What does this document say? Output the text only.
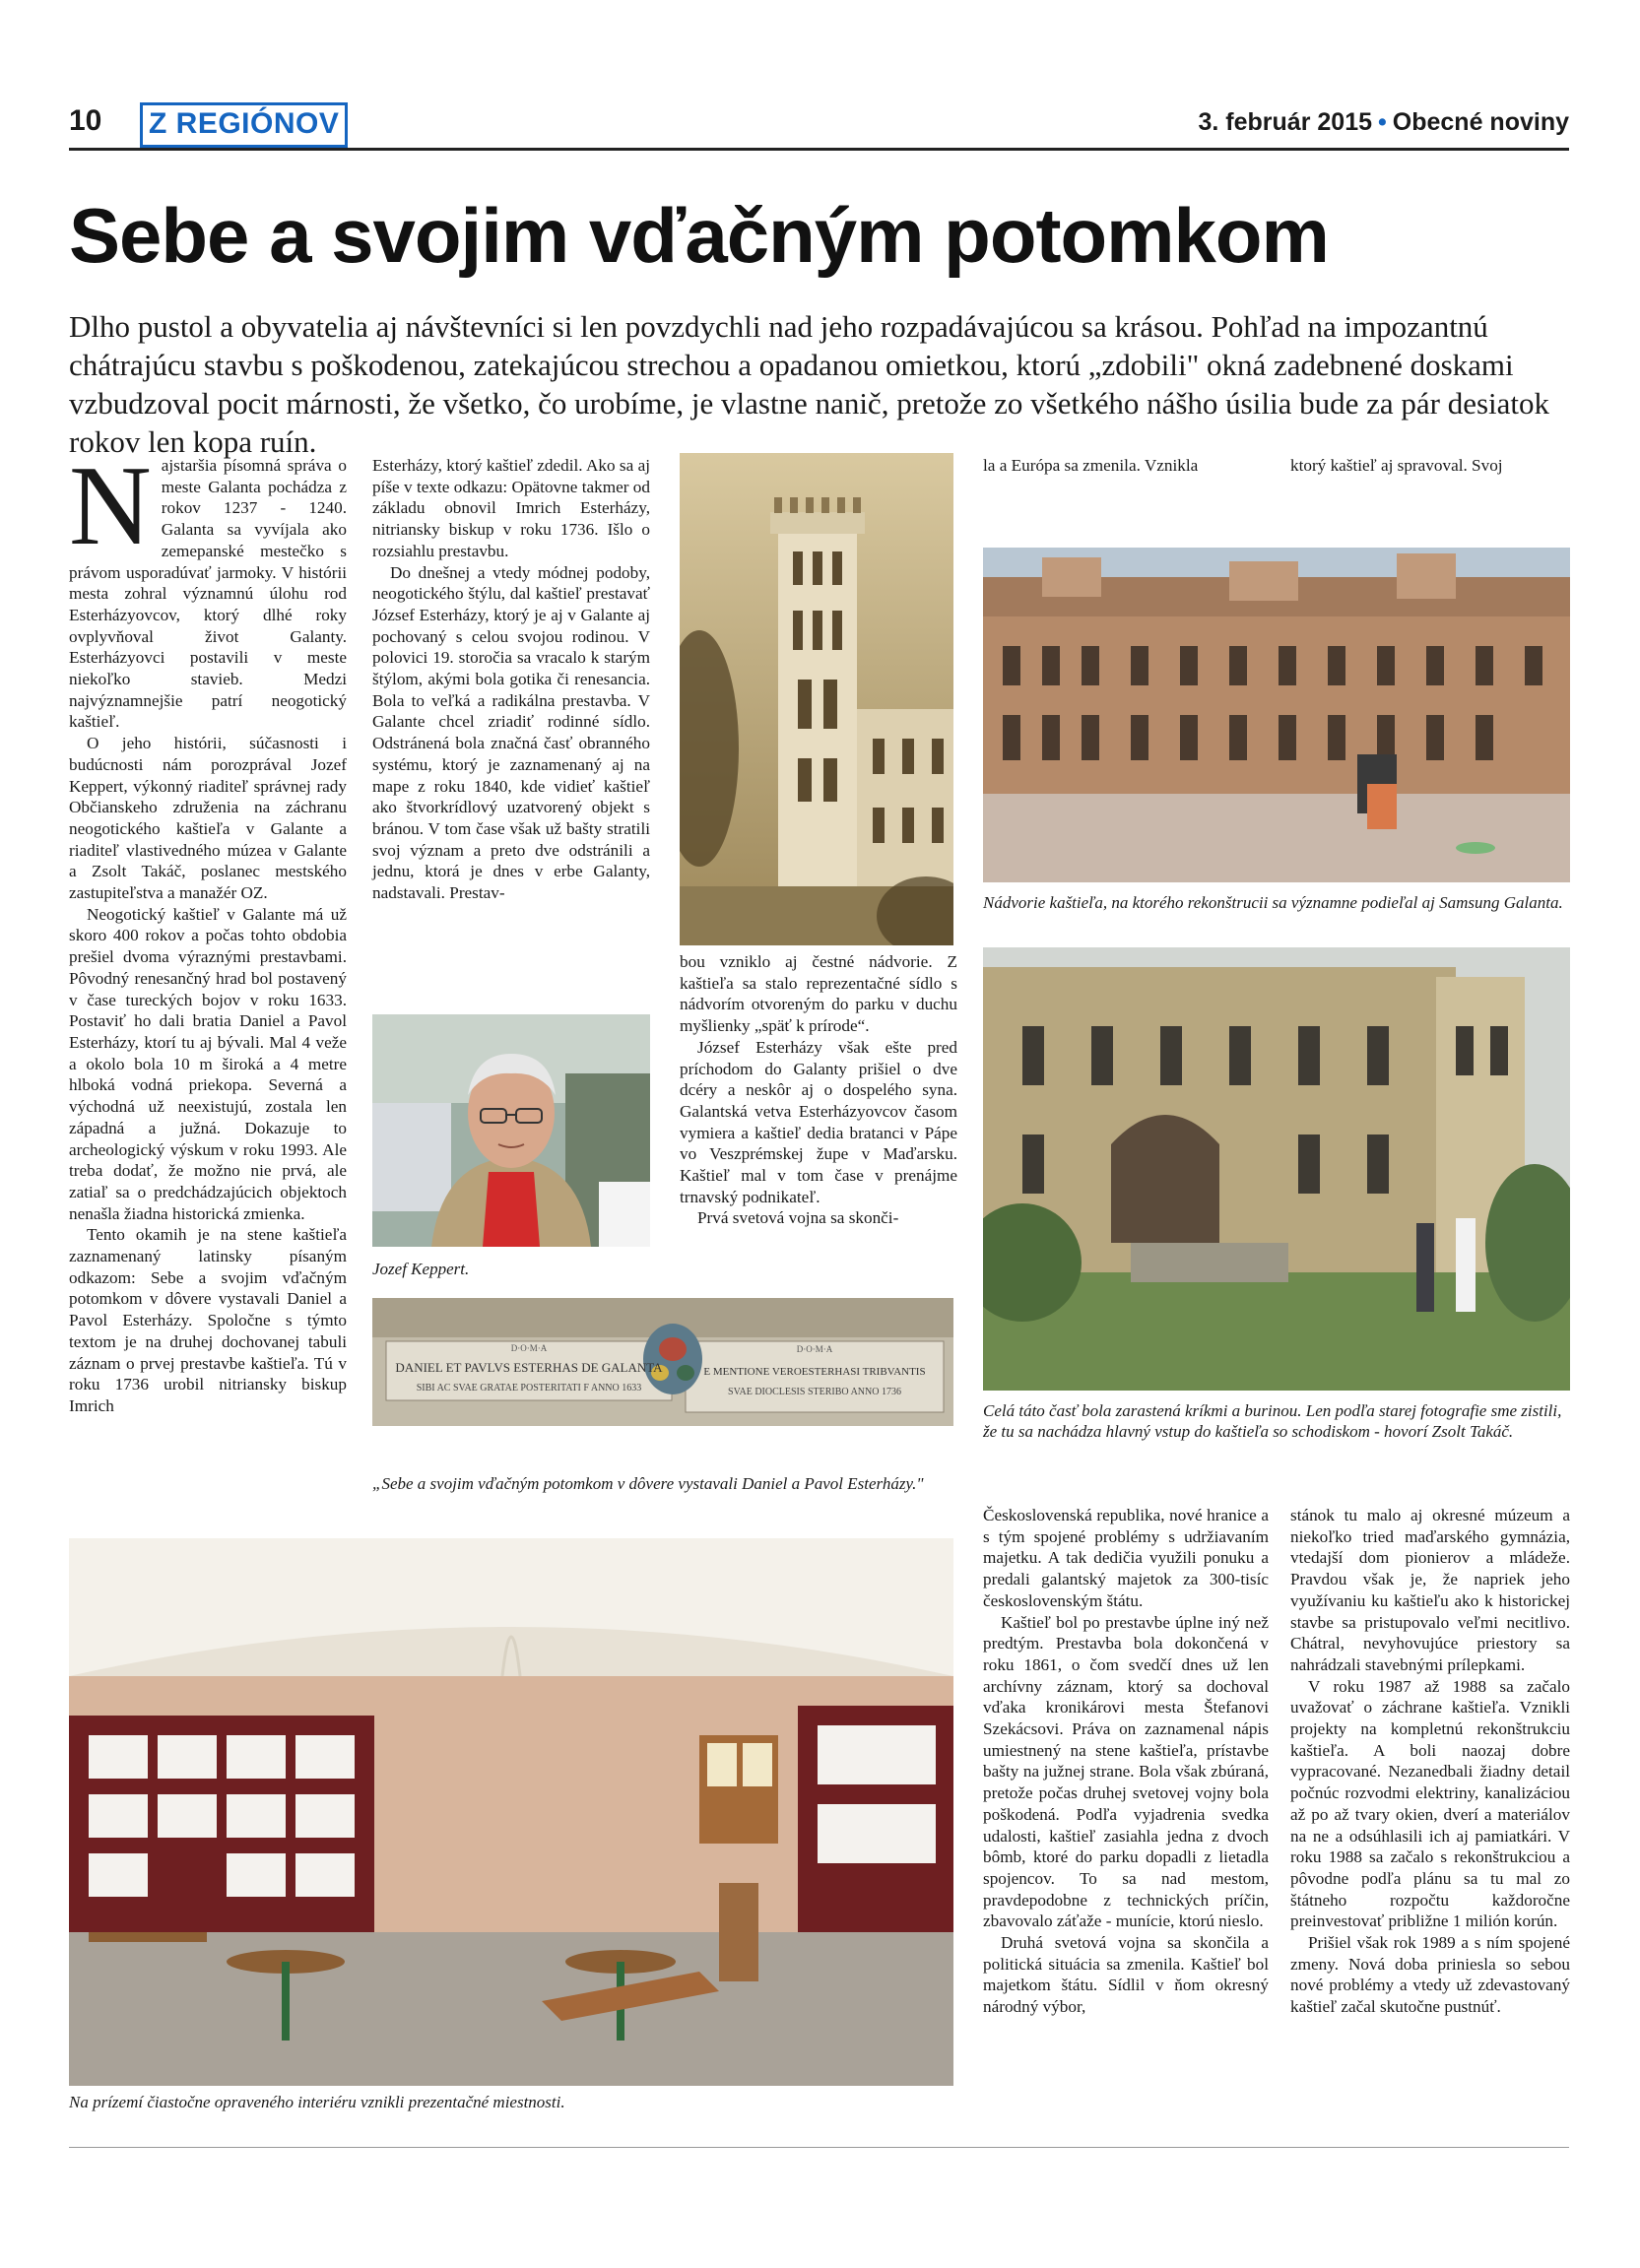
10	Z REGIÓNOV	3. február 2015 • Obecné noviny
Sebe a svojim vďačným potomkom
Dlho pustol a obyvatelia aj návštevníci si len povzdychli nad jeho rozpadávajúcou sa krásou. Pohľad na impozantnú chátrajúcu stavbu s poškodenou, zatekajúcou strechou a opadanou omietkou, ktorú „zdobili" okná zadebnené doskami vzbudzoval pocit márnosti, že všetko, čo urobíme, je vlastne nanič, pretože zo všetkého nášho úsilia bude za pár desiatok rokov len kopa ruín.

Najstaršia písomná správa o meste Galanta pochádza z rokov 1237 - 1240. Galanta sa vyvíjala ako zemepanské mestečko s právom usporadúvať jarmoky. V histórii mesta zohral významnú úlohu rod Esterházyovcov, ktorý dlhé roky ovplyvňoval život Galanty. Esterházyovci postavili v meste niekoľko stavieb. Medzi najvýznamnejšie patrí neogotický kaštieľ.

O jeho histórii, súčasnosti i budúcnosti nám porozprával Jozef Keppert, výkonný riaditeľ správnej rady Občianskeho združenia na záchranu neogotického kaštieľa v Galante a riaditeľ vlastivedného múzea v Galante a Zsolt Takáč, poslanec mestského zastupiteľstva a manažér OZ.

Neogotický kaštieľ v Galante má už skoro 400 rokov a počas tohto obdobia prešiel dvoma výraznými prestavbami. Pôvodný renesančný hrad bol postavený v čase tureckých bojov v roku 1633. Postaviť ho dali bratia Daniel a Pavol Esterházy, ktorí tu aj bývali. Mal 4 veže a okolo bola 10 m široká a 4 metre hlboká vodná priekopa. Severná a východná už neexistujú, zostala len západná a južná. Dokazuje to archeologický výskum v roku 1993. Ale treba dodať, že možno nie prvá, ale zatiaľ sa o predchádzajúcich objektoch nenašla žiadna historická zmienka.

Tento okamih je na stene kaštieľa zaznamenaný latinsky písaným odkazom: Sebe a svojim vďačným potomkom v dôvere vystavali Daniel a Pavol Esterházy. Spoločne s týmto textom je na druhej dochovanej tabuli záznam o prvej prestavbe kaštieľa. Tú v roku 1736 urobil nitriansky biskup Imrich

Esterházy, ktorý kaštieľ zdedil. Ako sa aj píše v texte odkazu: Opätovne takmer od základu obnovil Imrich Esterházy, nitriansky biskup v roku 1736. Išlo o rozsiahlu prestavbu.

Do dnešnej a vtedy módnej podoby, neogotického štýlu, dal kaštieľ prestavať József Esterházy, ktorý je aj v Galante aj pochovaný s celou svojou rodinou. V polovici 19. storočia sa vracalo k starým štýlom, akými bola gotika či renesancia. Bola to veľká a radikálna prestavba. V Galante chcel zriadiť rodinné sídlo. Odstránená bola značná časť obranného systému, ktorý je zaznamenaný aj na mape z roku 1840, kde vidieť kaštieľ ako štvorkrídlový uzatvorený objekt s bránou. V tom čase však už bašty stratili svoj význam a preto dve odstránili a jednu, ktorá je dnes v erbe Galanty, nadstavali. Prestav-

bou vzniklo aj čestné nádvorie. Z kaštieľa sa stalo reprezentačné sídlo s nádvorím otvoreným do parku v duchu myšlienky „späť k prírode“.

József Esterházy však ešte pred príchodom do Galanty prišiel o dve dcéry a neskôr aj o dospelého syna. Galantská vetva Esterházyovcov časom vymiera a kaštieľ dedia bratanci v Pápe vo Veszprémskej župe v Maďarsku. Kaštieľ mal v tom čase v prenájme trnavský podnikateľ.

Prvá svetová vojna sa skonči-

Jozef Keppert.
D·O·M·A
DANIEL ET PAVLVS ESTERHAS DE GALANTA
SIBI AC SVAE GRATAE POSTERITATI F ANNO 1633
D·O·M·A
E MENTIONE VEROESTERHASI TRIBVANTIS
SVAE DIOCLESIS STERIBO ANNO 1736
„Sebe a svojim vďačným potomkom v dôvere vystavali Daniel a Pavol Esterházy."

la a Európa sa zmenila. Vznikla	ktorý kaštieľ aj spravoval. Svoj

Nádvorie kaštieľa, na ktorého rekonštrucii sa významne podieľal aj Samsung Galanta.
Celá táto časť bola zarastená kríkmi a burinou. Len podľa starej fotografie sme zistili, že tu sa nachádza hlavný vstup do kaštieľa so schodiskom - hovorí Zsolt Takáč.
Na prízemí čiastočne opraveného interiéru vznikli prezentačné miestnosti.

Československá republika, nové hranice a s tým spojené problémy s udržiavaním majetku. A tak dedičia využili ponuku a predali galantský majetok za 300-tisíc československým štátu.

Kaštieľ bol po prestavbe úplne iný než predtým. Prestavba bola dokončená v roku 1861, o čom svedčí dnes už len archívny záznam, ktorý sa dochoval vďaka kronikárovi mesta Štefanovi Szekácsovi. Práva on zaznamenal nápis umiestnený na stene kaštieľa, prístavbe bašty na južnej strane. Bola však zbúraná, pretože počas druhej svetovej vojny bola poškodená. Podľa vyjadrenia svedka udalosti, kaštieľ zasiahla jedna z dvoch bômb, ktoré do parku dopadli z lietadla spojencov. To sa nad mestom, pravdepodobne z technických príčin, zbavovalo záťaže - munície, ktorú nieslo.

Druhá svetová vojna sa skončila a politická situácia sa zmenila. Kaštieľ bol majetkom štátu. Sídlil v ňom okresný národný výbor,

stánok tu malo aj okresné múzeum a niekoľko tried maďarského gymnázia, vtedajší dom pionierov a mládeže. Pravdou však je, že napriek jeho využívaniu ku kaštieľu ako k historickej stavbe sa pristupovalo veľmi necitlivo. Chátral, nevyhovujúce priestory sa nahrádzali stavebnými prílepkami.

V roku 1987 až 1988 sa začalo uvažovať o záchrane kaštieľa. Vznikli projekty na kompletnú rekonštrukciu kaštieľa. A boli naozaj dobre vypracované. Nezanedbali žiadny detail počnúc rozvodmi elektriny, kanalizáciou až po až tvary okien, dverí a materiálov na ne a odsúhlasili ich aj pamiatkári. V roku 1988 sa začalo s rekonštrukciou a pôvodne podľa plánu sa tu mal zo štátneho rozpočtu každoročne preinvestovať približne 1 milión korún.

Prišiel však rok 1989 a s ním spojené zmeny. Nová doba priniesla so sebou nové problémy a vtedy už zdevastovaný kaštieľ začal skutočne pustnúť.
